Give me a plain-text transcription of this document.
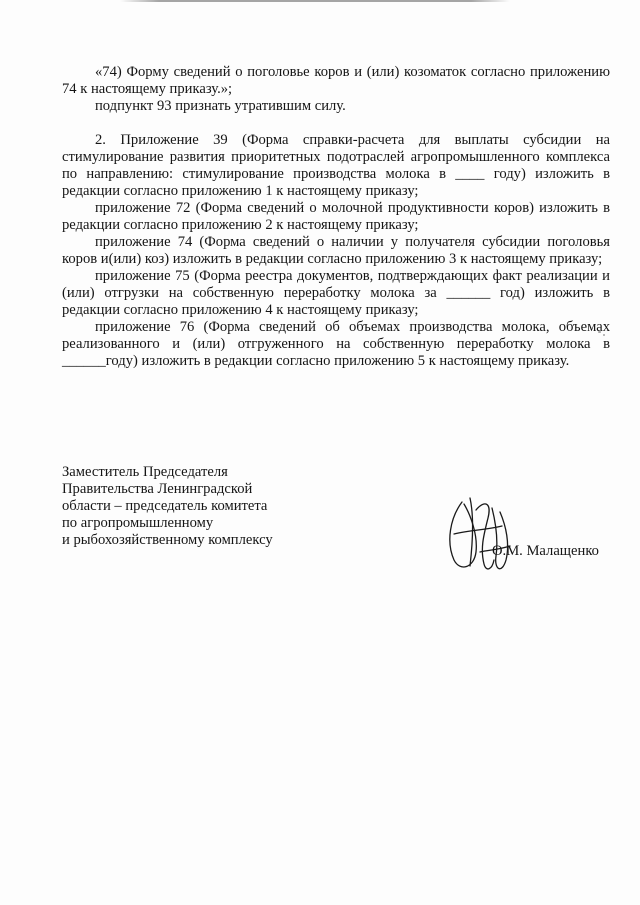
«74) Форму сведений о поголовье коров и (или) козоматок согласно приложению 74 к настоящему приказу.»;

подпункт 93 признать утратившим силу.

2. Приложение 39 (Форма справки-расчета для выплаты субсидии на стимулирование развития приоритетных подотраслей агропромышленного комплекса по направлению: стимулирование производства молока в ____ году) изложить в редакции согласно приложению 1 к настоящему приказу;

приложение 72 (Форма сведений о молочной продуктивности коров) изложить в редакции согласно приложению 2 к настоящему приказу;

приложение 74 (Форма сведений о наличии у получателя субсидии поголовья коров и(или) коз) изложить в редакции согласно приложению 3 к настоящему приказу;

приложение 75 (Форма реестра документов, подтверждающих факт реализации и (или) отгрузки на собственную переработку молока за ______ год) изложить в редакции согласно приложению 4 к настоящему приказу;

приложение 76 (Форма сведений об объемах производства молока, объемах реализованного и (или) отгруженного на собственную переработку молока в ______году) изложить в редакции согласно приложению 5 к настоящему приказу.

Заместитель Председателя
Правительства Ленинградской
области – председатель комитета
по агропромышленному
и рыбохозяйственному комплексу
О.М. Малащенко
